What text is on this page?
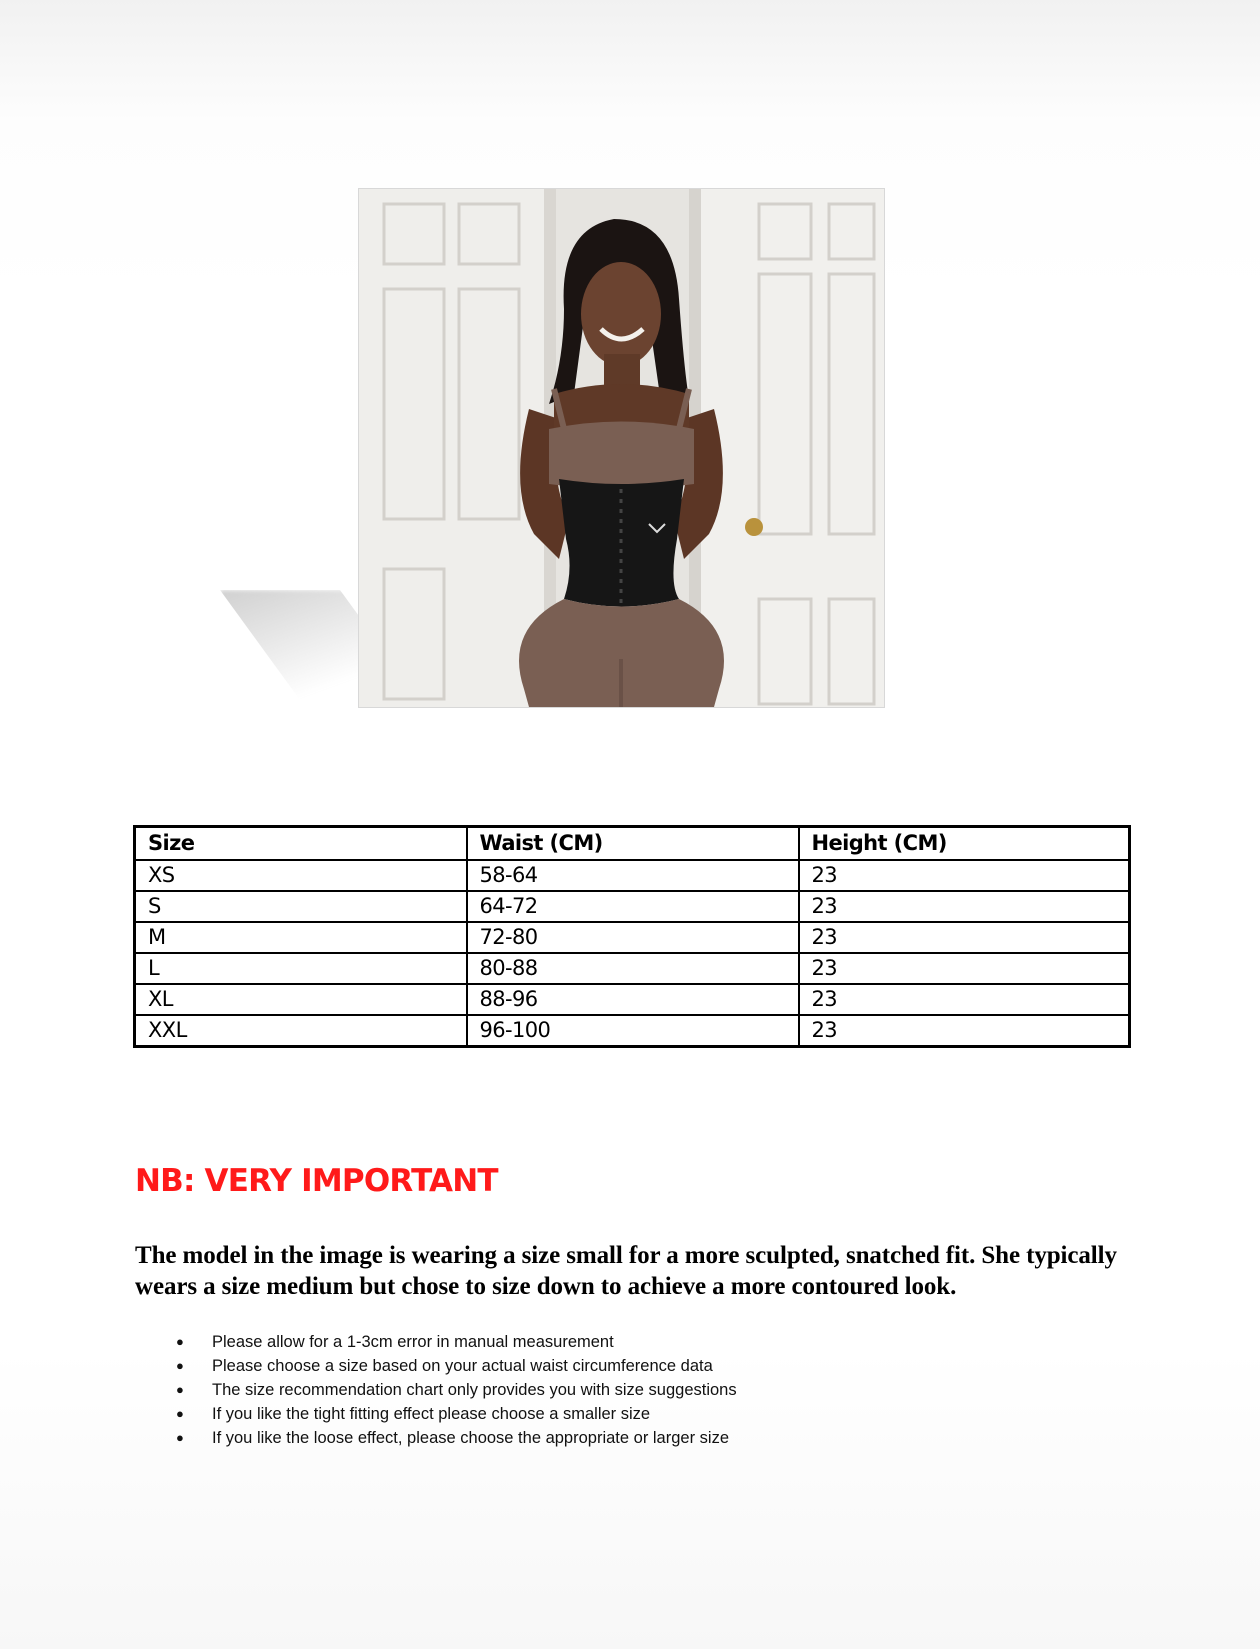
Size	Waist (CM)	Height (CM)
XS	58-64	23
S	64-72	23
M	72-80	23
L	80-88	23
XL	88-96	23
XXL	96-100	23
NB: VERY IMPORTANT

The model in the image is wearing a size small for a more sculpted, snatched fit. She typically wears a size medium but chose to size down to achieve a more contoured look.

● Please allow for a 1-3cm error in manual measurement
● Please choose a size based on your actual waist circumference data
● The size recommendation chart only provides you with size suggestions
● If you like the tight fitting effect please choose a smaller size
● If you like the loose effect, please choose the appropriate or larger size
